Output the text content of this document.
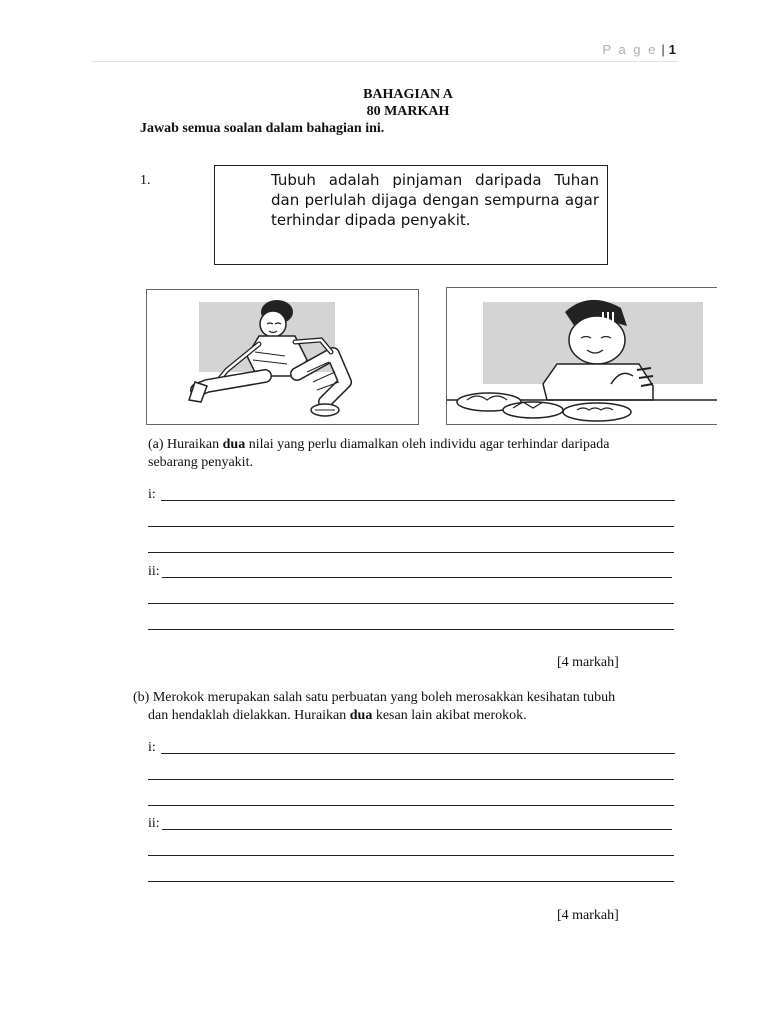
P a g e | 1
BAHAGIAN A
80 MARKAH
Jawab semua soalan dalam bahagian ini.
1.	Tubuh adalah pinjaman daripada Tuhan dan perlulah dijaga dengan sempurna agar terhindar dipada penyakit.
(a) Huraikan dua nilai yang perlu diamalkan oleh individu agar terhindar daripada sebarang penyakit.
i:
ii:
[4 markah]
(b) Merokok merupakan salah satu perbuatan yang boleh merosakkan kesihatan tubuh
dan hendaklah dielakkan. Huraikan dua kesan lain akibat merokok.
i:
ii:
[4 markah]
